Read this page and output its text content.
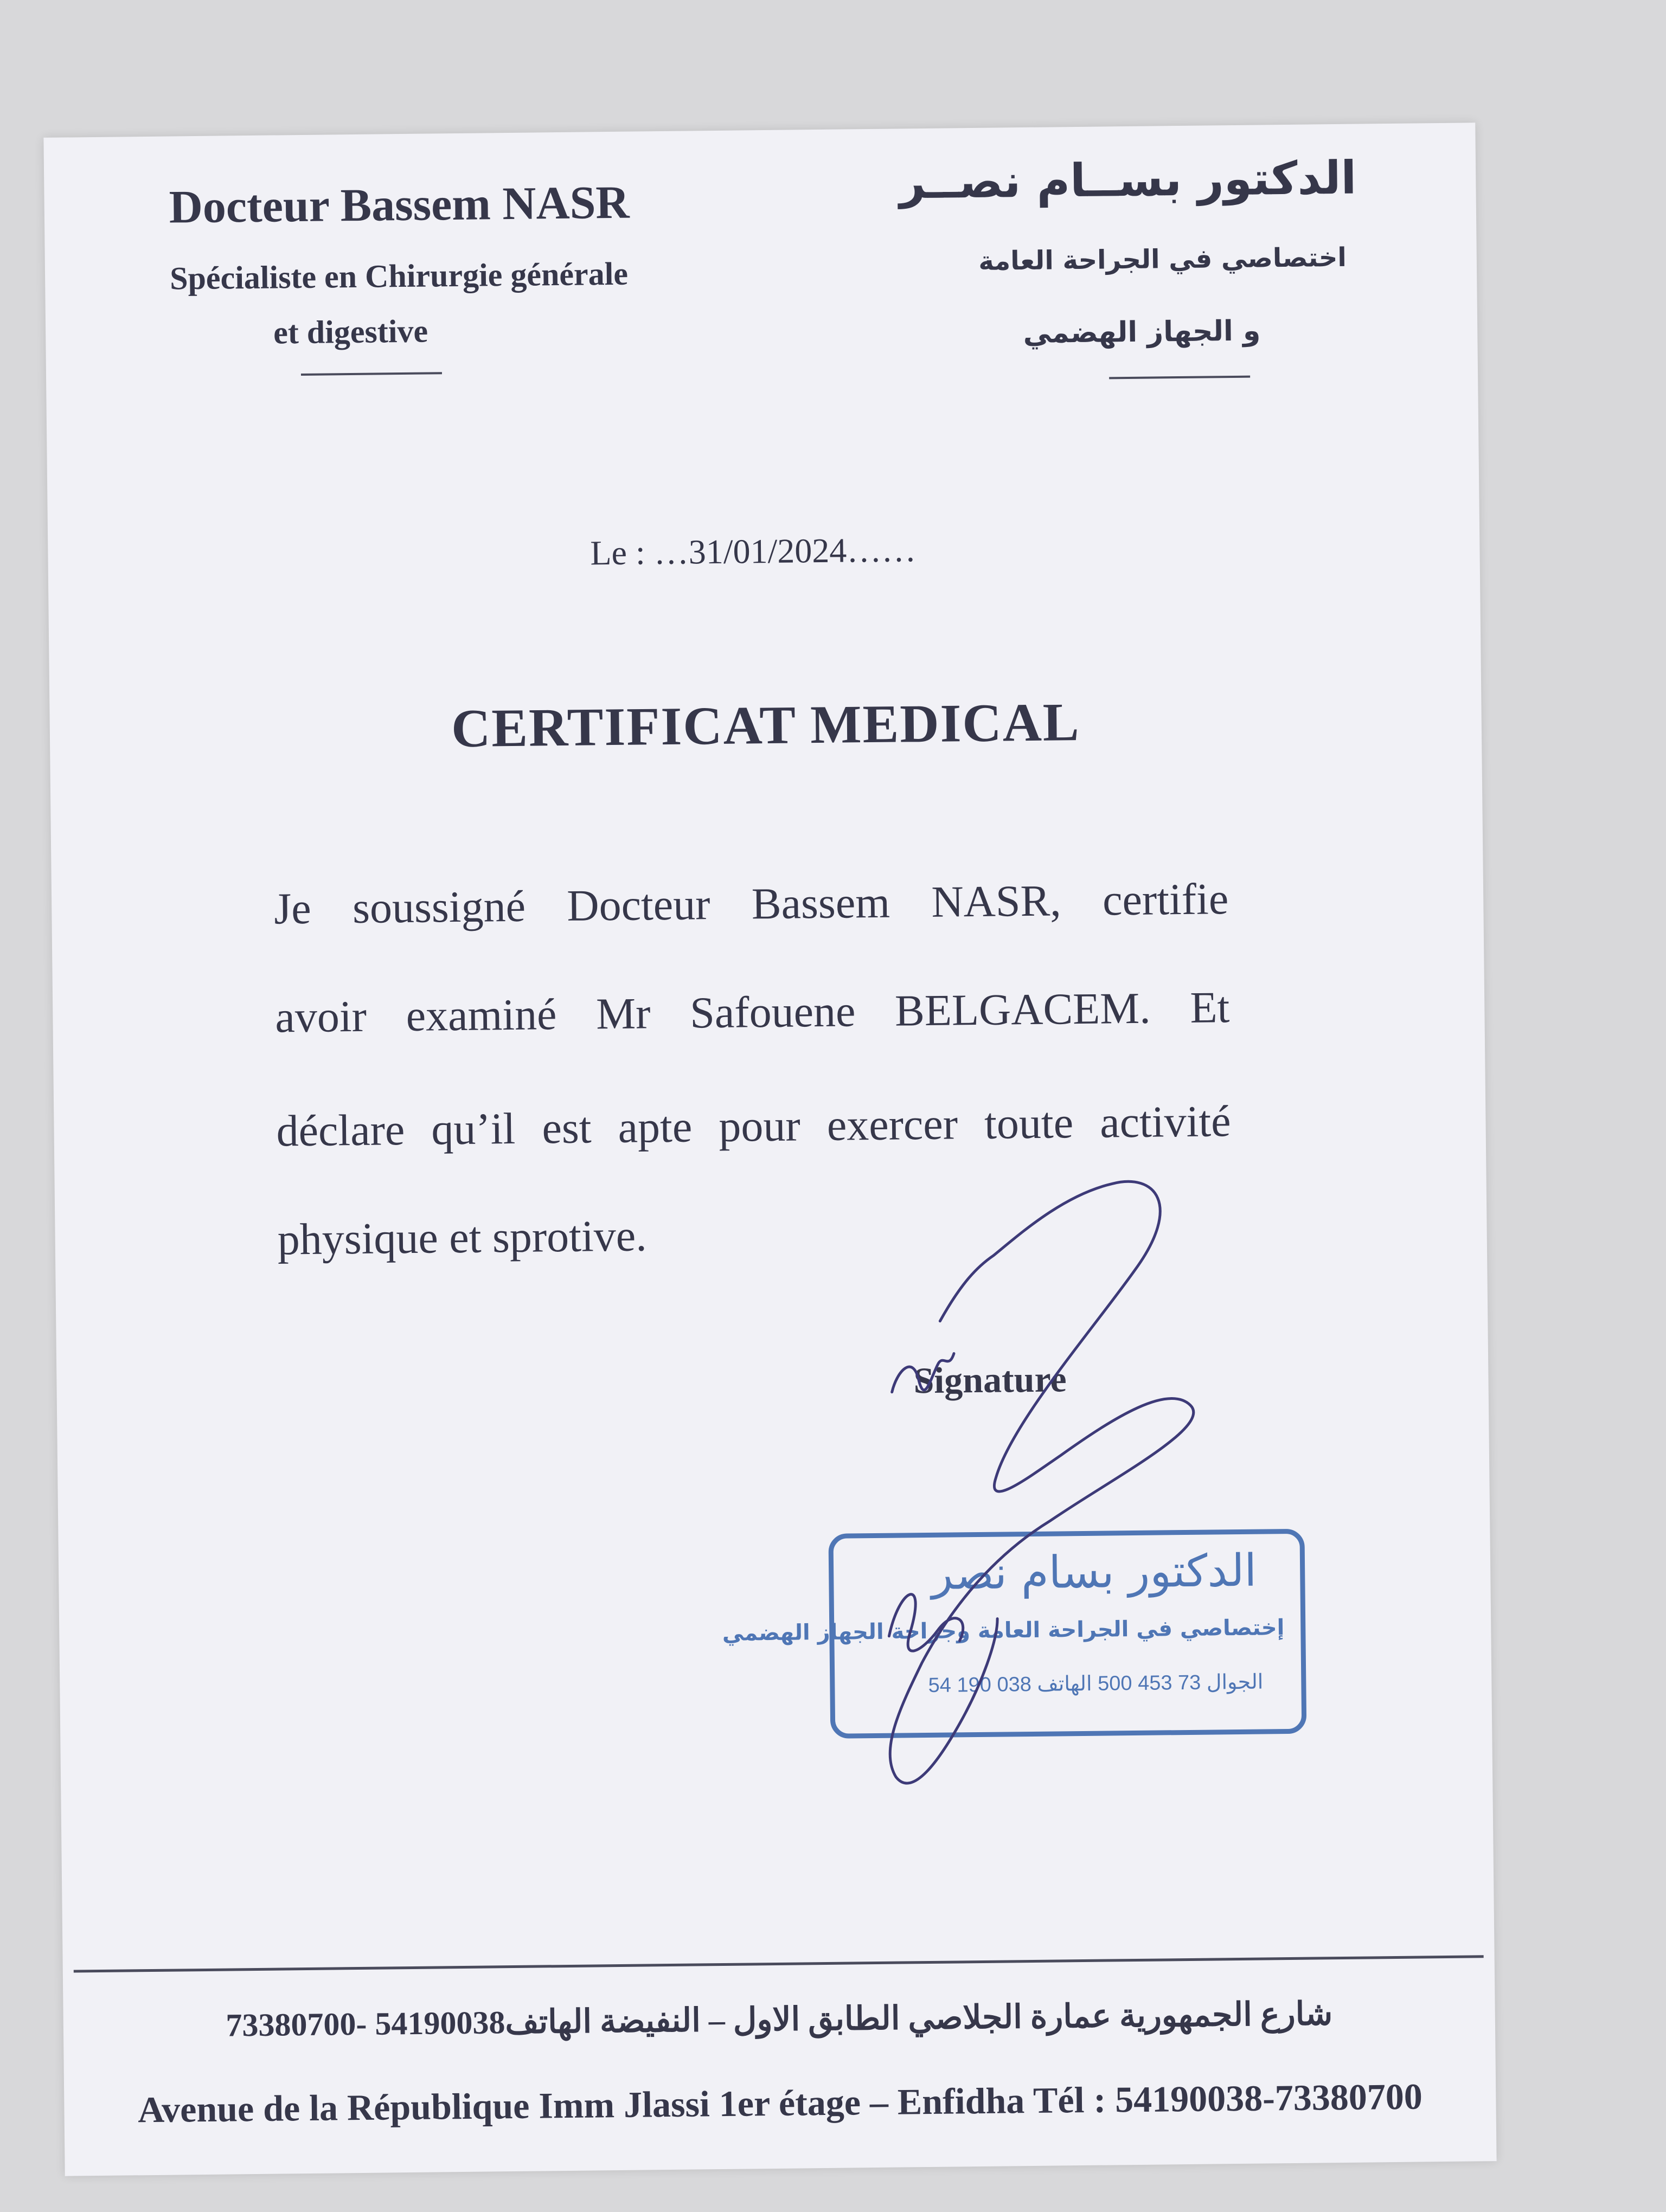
Docteur Bassem NASR
Spécialiste en Chirurgie générale
et digestive
الدكتور بســام نصــر
اختصاصي في الجراحة العامة
و الجهاز الهضمي
Le : …31/01/2024……
CERTIFICAT MEDICAL
Je soussigné Docteur Bassem NASR, certifie
avoir examiné Mr Safouene BELGACEM. Et
déclare qu’il est apte pour exercer toute activité
physique et sprotive.
Signature
الدكتور بسام نصر
إختصاصي في الجراحة العامة وجراحة الجهاز الهضمي
54 190 038 الجوال 73 453 500 الهاتف
شارع الجمهورية عمارة الجلاصي الطابق الاول – النفيضة الهاتف73380700- 54190038
Avenue de la République Imm Jlassi 1er étage – Enfidha Tél : 54190038-73380700
